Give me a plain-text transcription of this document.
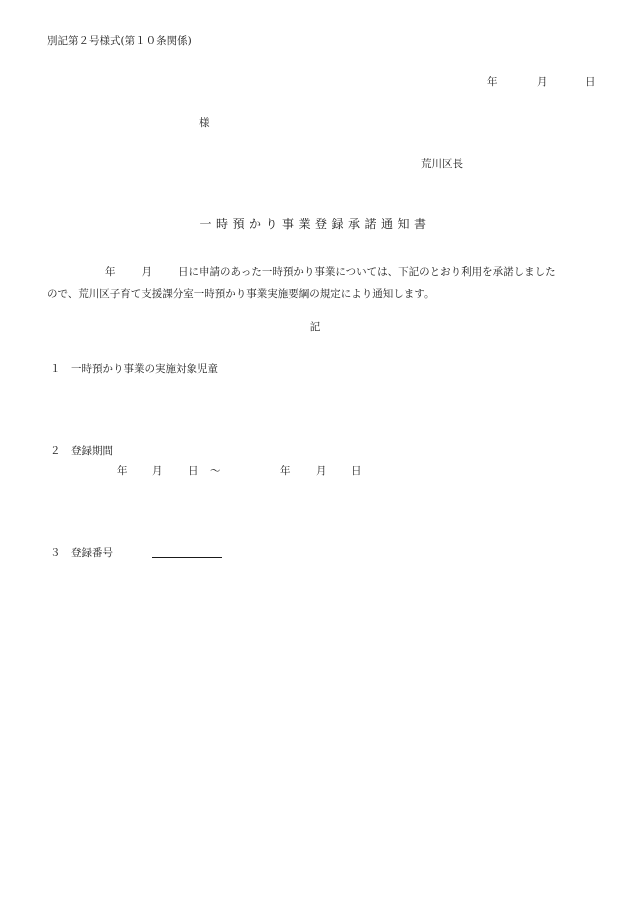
別記第２号様式(第１０条関係)
年	月	日
様
荒川区長
一時預かり事業登録承諾通知書
年 月 日に申請のあった一時預かり事業については、下記のとおり利用を承諾しました
ので、荒川区子育て支援課分室一時預かり事業実施要綱の規定により通知します。
記
１ 一時預かり事業の実施対象児童
２ 登録期間
年 月 日 ～	年 月 日
３ 登録番号
